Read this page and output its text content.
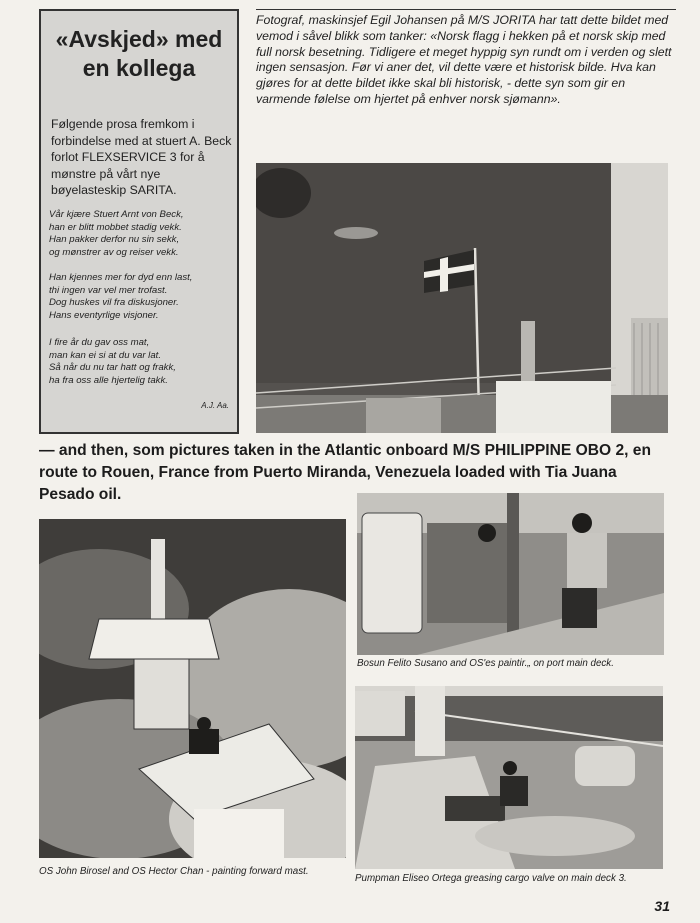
«Avskjed» med en kollega
Følgende prosa fremkom i forbindelse med at stuert A. Beck forlot FLEXSERVICE 3 for å mønstre på vårt nye bøyelasteskip SARITA.
Vår kjære Stuert Arnt von Beck,
han er blitt mobbet stadig vekk.
Han pakker derfor nu sin sekk,
og mønstrer av og reiser vekk.
Han kjennes mer for dyd enn last,
thi ingen var vel mer trofast.
Dog huskes vil fra diskusjoner.
Hans eventyrlige visjoner.
I fire år du gav oss mat,
man kan ei si at du var lat.
Så når du nu tar hatt og frakk,
ha fra oss alle hjertelig takk.
A.J. Aa.
Fotograf, maskinsjef Egil Johansen på M/S JORITA har tatt dette bildet med vemod i såvel blikk som tanker: «Norsk flagg i hekken på et norsk skip med full norsk besetning. Tidligere et meget hyppig syn rundt om i verden og slett ingen sensasjon. Før vi aner det, vil dette være et historisk bilde. Hva kan gjøres for at dette bildet ikke skal bli historisk, - dette syn som gir en varmende følelse om hjertet på enhver norsk sjømann».
— and then, som pictures taken in the Atlantic onboard M/S PHILIPPINE OBO 2, en route to Rouen, France from Puerto Miranda, Venezuela loaded with Tia Juana Pesado oil.
Bosun Felito Susano and OS'es paintir.„ on port main deck.
Pumpman Eliseo Ortega greasing cargo valve on main deck 3.
OS John Birosel and OS Hector Chan - painting forward mast.
31
